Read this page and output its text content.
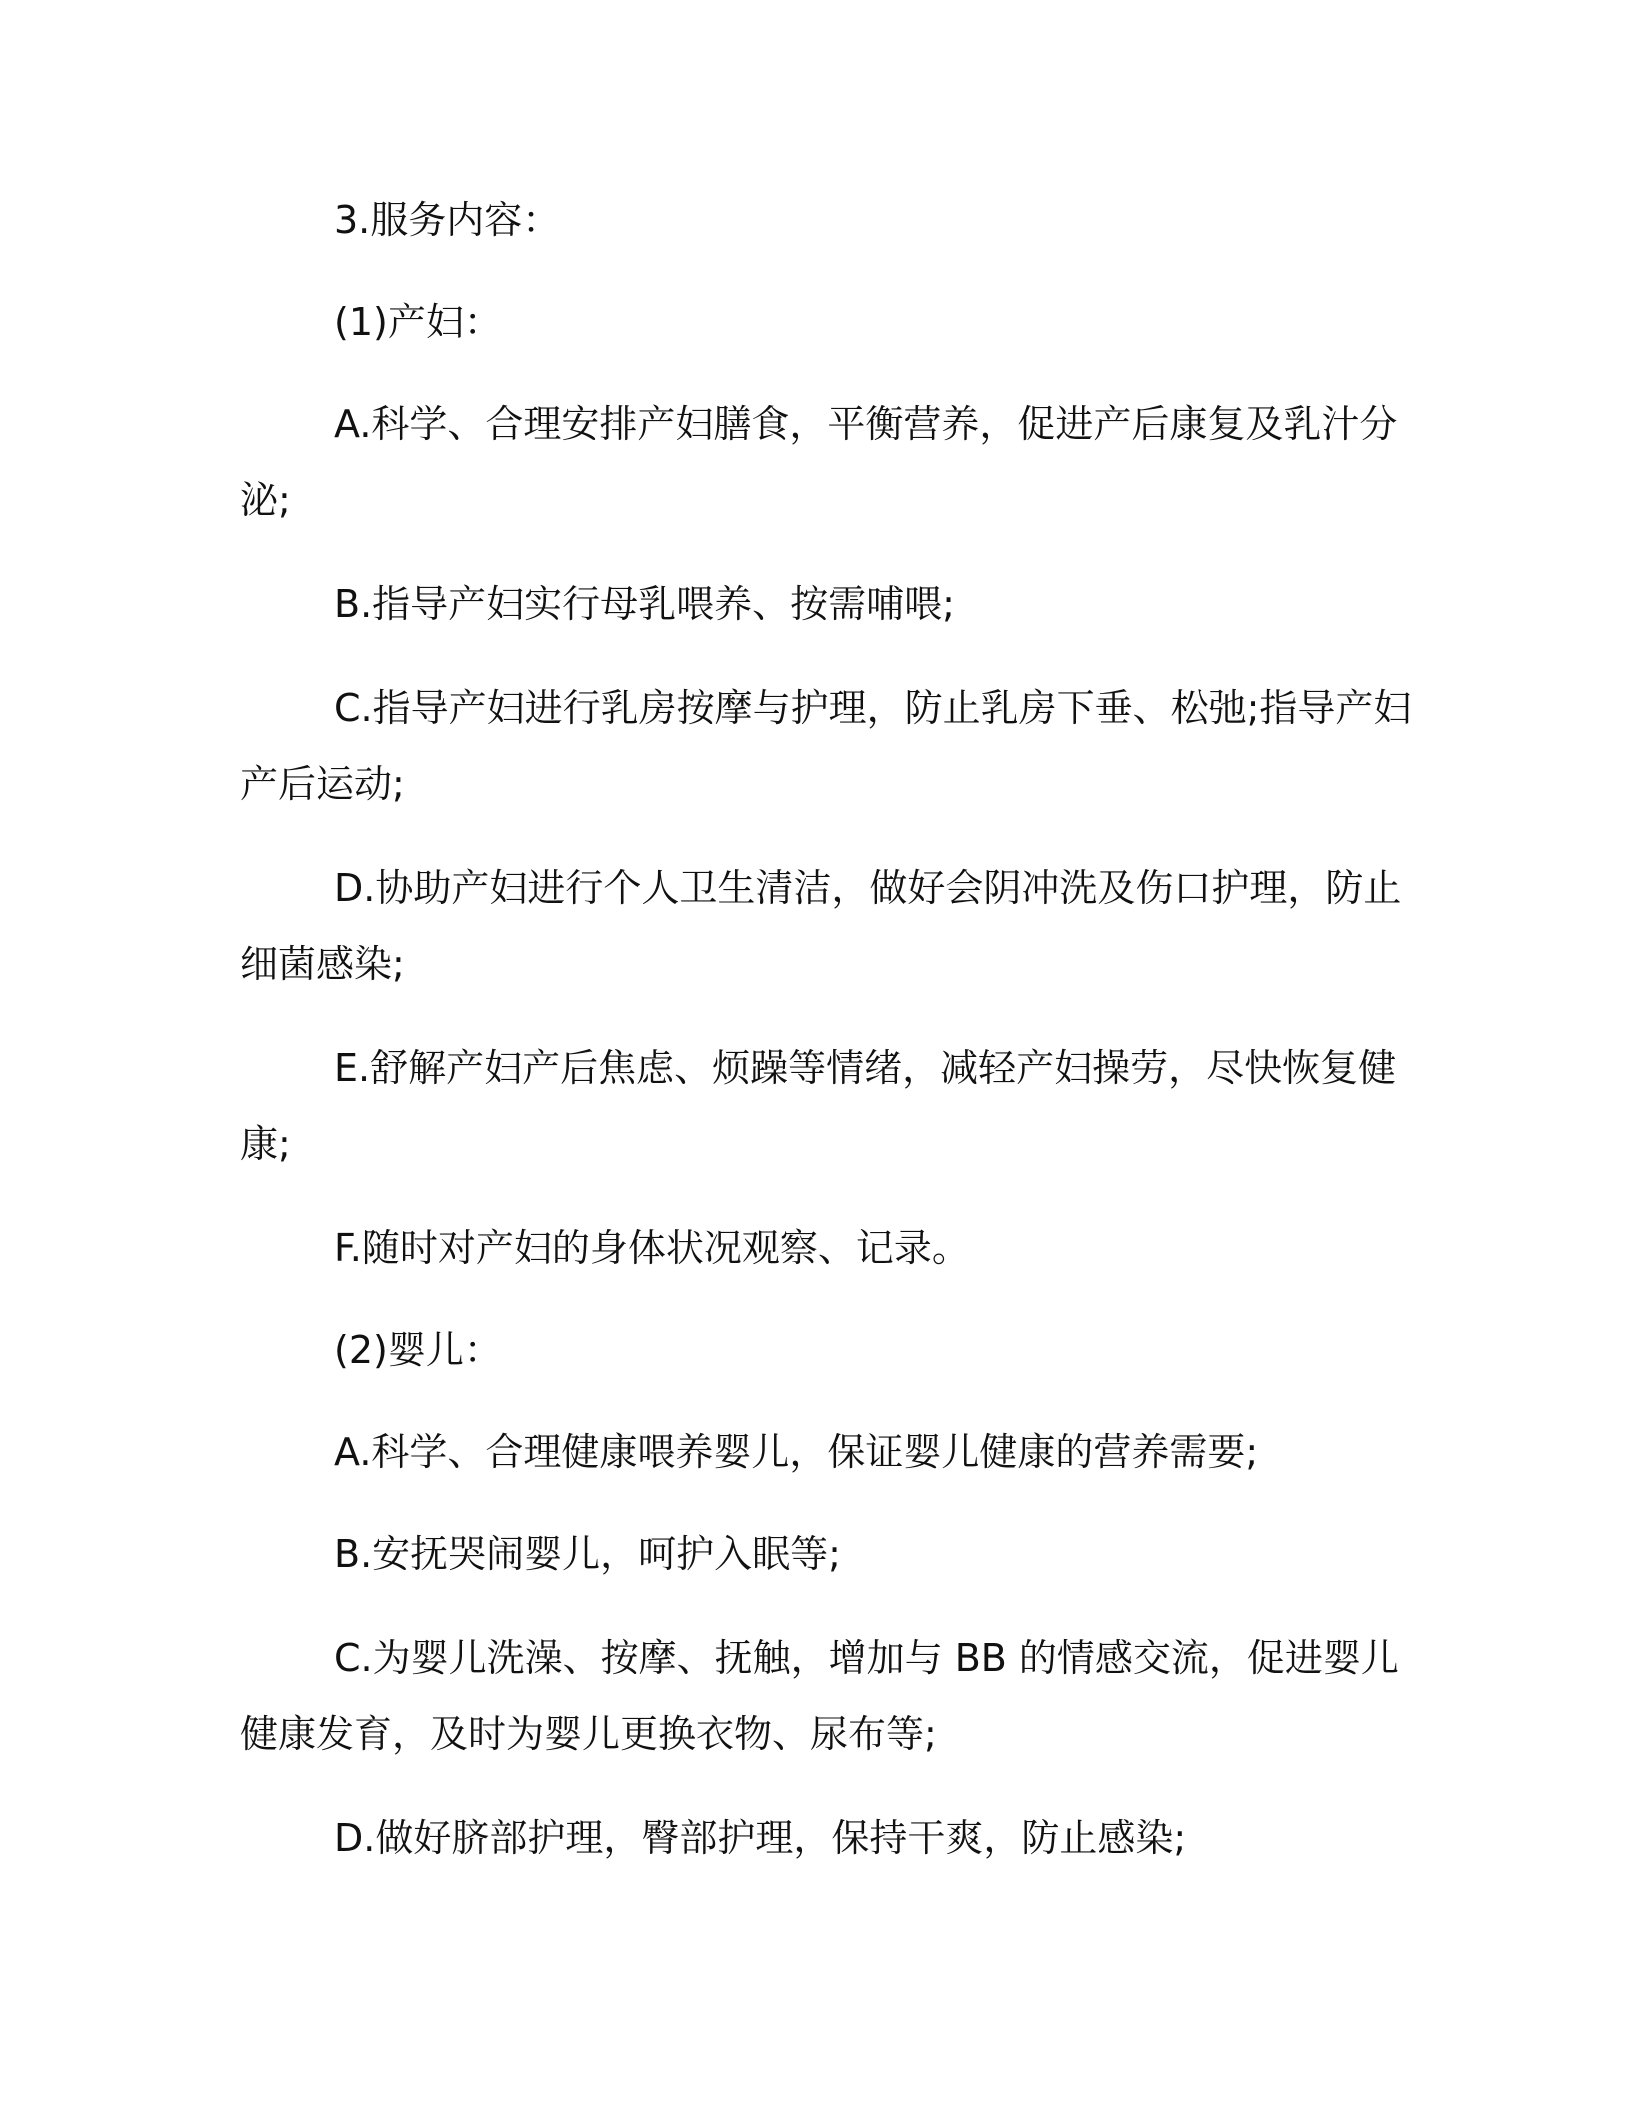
3.服务内容：
(1)产妇：
A.科学、合理安排产妇膳食，平衡营养，促进产后康复及乳汁分
泌;
B.指导产妇实行母乳喂养、按需哺喂;
C.指导产妇进行乳房按摩与护理，防止乳房下垂、松弛;指导产妇
产后运动;
D.协助产妇进行个人卫生清洁，做好会阴冲洗及伤口护理，防止
细菌感染;
E.舒解产妇产后焦虑、烦躁等情绪，减轻产妇操劳，尽快恢复健
康;
F.随时对产妇的身体状况观察、记录。
(2)婴儿：
A.科学、合理健康喂养婴儿，保证婴儿健康的营养需要;
B.安抚哭闹婴儿，呵护入眠等;
C.为婴儿洗澡、按摩、抚触，增加与 BB 的情感交流，促进婴儿
健康发育，及时为婴儿更换衣物、尿布等;
D.做好脐部护理，臀部护理，保持干爽，防止感染;
